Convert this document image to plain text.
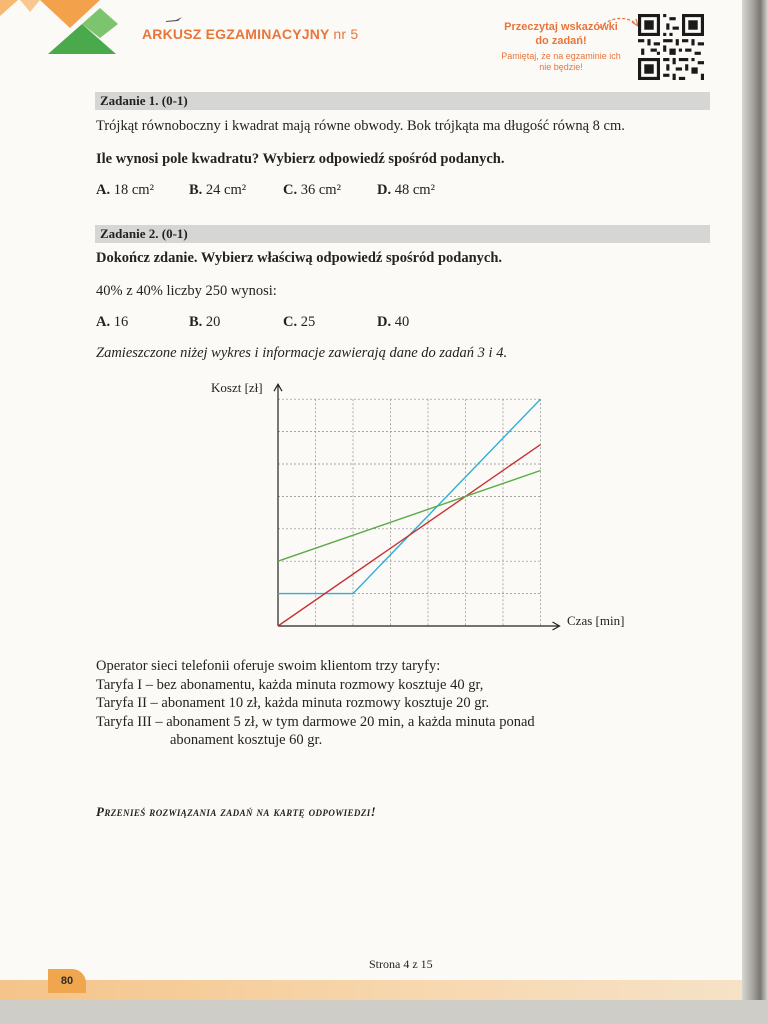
ARKUSZ EGZAMINACYJNY nr 5	Przeczytaj wskazówki do zadań!
Pamiętaj, że na egzaminie ich nie będzie!
Zadanie 1. (0-1)
Trójkąt równoboczny i kwadrat mają równe obwody. Bok trójkąta ma długość równą 8 cm.
Ile wynosi pole kwadratu? Wybierz odpowiedź spośród podanych.
A. 18 cm² B. 24 cm²	C. 36 cm² D. 48 cm²
Zadanie 2. (0-1)
Dokończ zdanie. Wybierz właściwą odpowiedź spośród podanych.
40% z 40% liczby 250 wynosi:
A. 16	B. 20	C. 25	D. 40
Zamieszczone niżej wykres i informacje zawierają dane do zadań 3 i 4.
Koszt [zł]
Czas [min]
Operator sieci telefonii oferuje swoim klientom trzy taryfy:
Taryfa I – bez abonamentu, każda minuta rozmowy kosztuje 40 gr,
Taryfa II – abonament 10 zł, każda minuta rozmowy kosztuje 20 gr.
Taryfa III – abonament 5 zł, w tym darmowe 20 min, a każda minuta ponad
abonament kosztuje 60 gr.
Przenieś rozwiązania zadań na kartę odpowiedzi!
Strona 4 z 15
80
